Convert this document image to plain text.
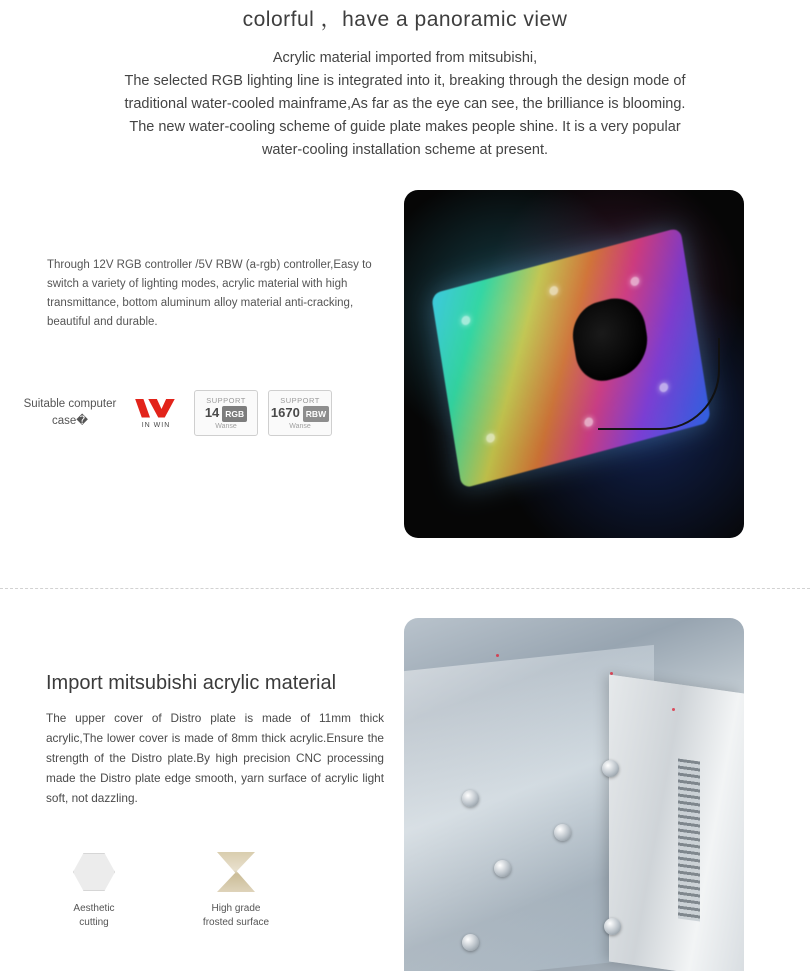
colorful ，have a panoramic view
Acrylic material imported from mitsubishi,
The selected RGB lighting line is integrated into it, breaking through the design mode of
traditional water-cooled mainframe,As far as the eye can see, the brilliance is blooming.
The new water-cooling scheme of guide plate makes people shine. It is a very popular
water-cooling installation scheme at present.
Through 12V RGB controller /5V RBW (a-rgb) controller,Easy to switch a variety of lighting modes, acrylic material with high transmittance, bottom aluminum alloy material anti-cracking, beautiful and durable.
Suitable computer case�	IN WIN
SUPPORT
14 RGB
Wanse
SUPPORT
1670 RBW
Wanse
Import mitsubishi acrylic material
The upper cover of Distro plate is made of 11mm thick acrylic,The lower cover is made of 8mm thick acrylic.Ensure the strength of the Distro plate.By high precision CNC processing made the Distro plate edge smooth, yarn surface of acrylic light soft, not dazzling.
Aesthetic
cutting
High grade
frosted surface
